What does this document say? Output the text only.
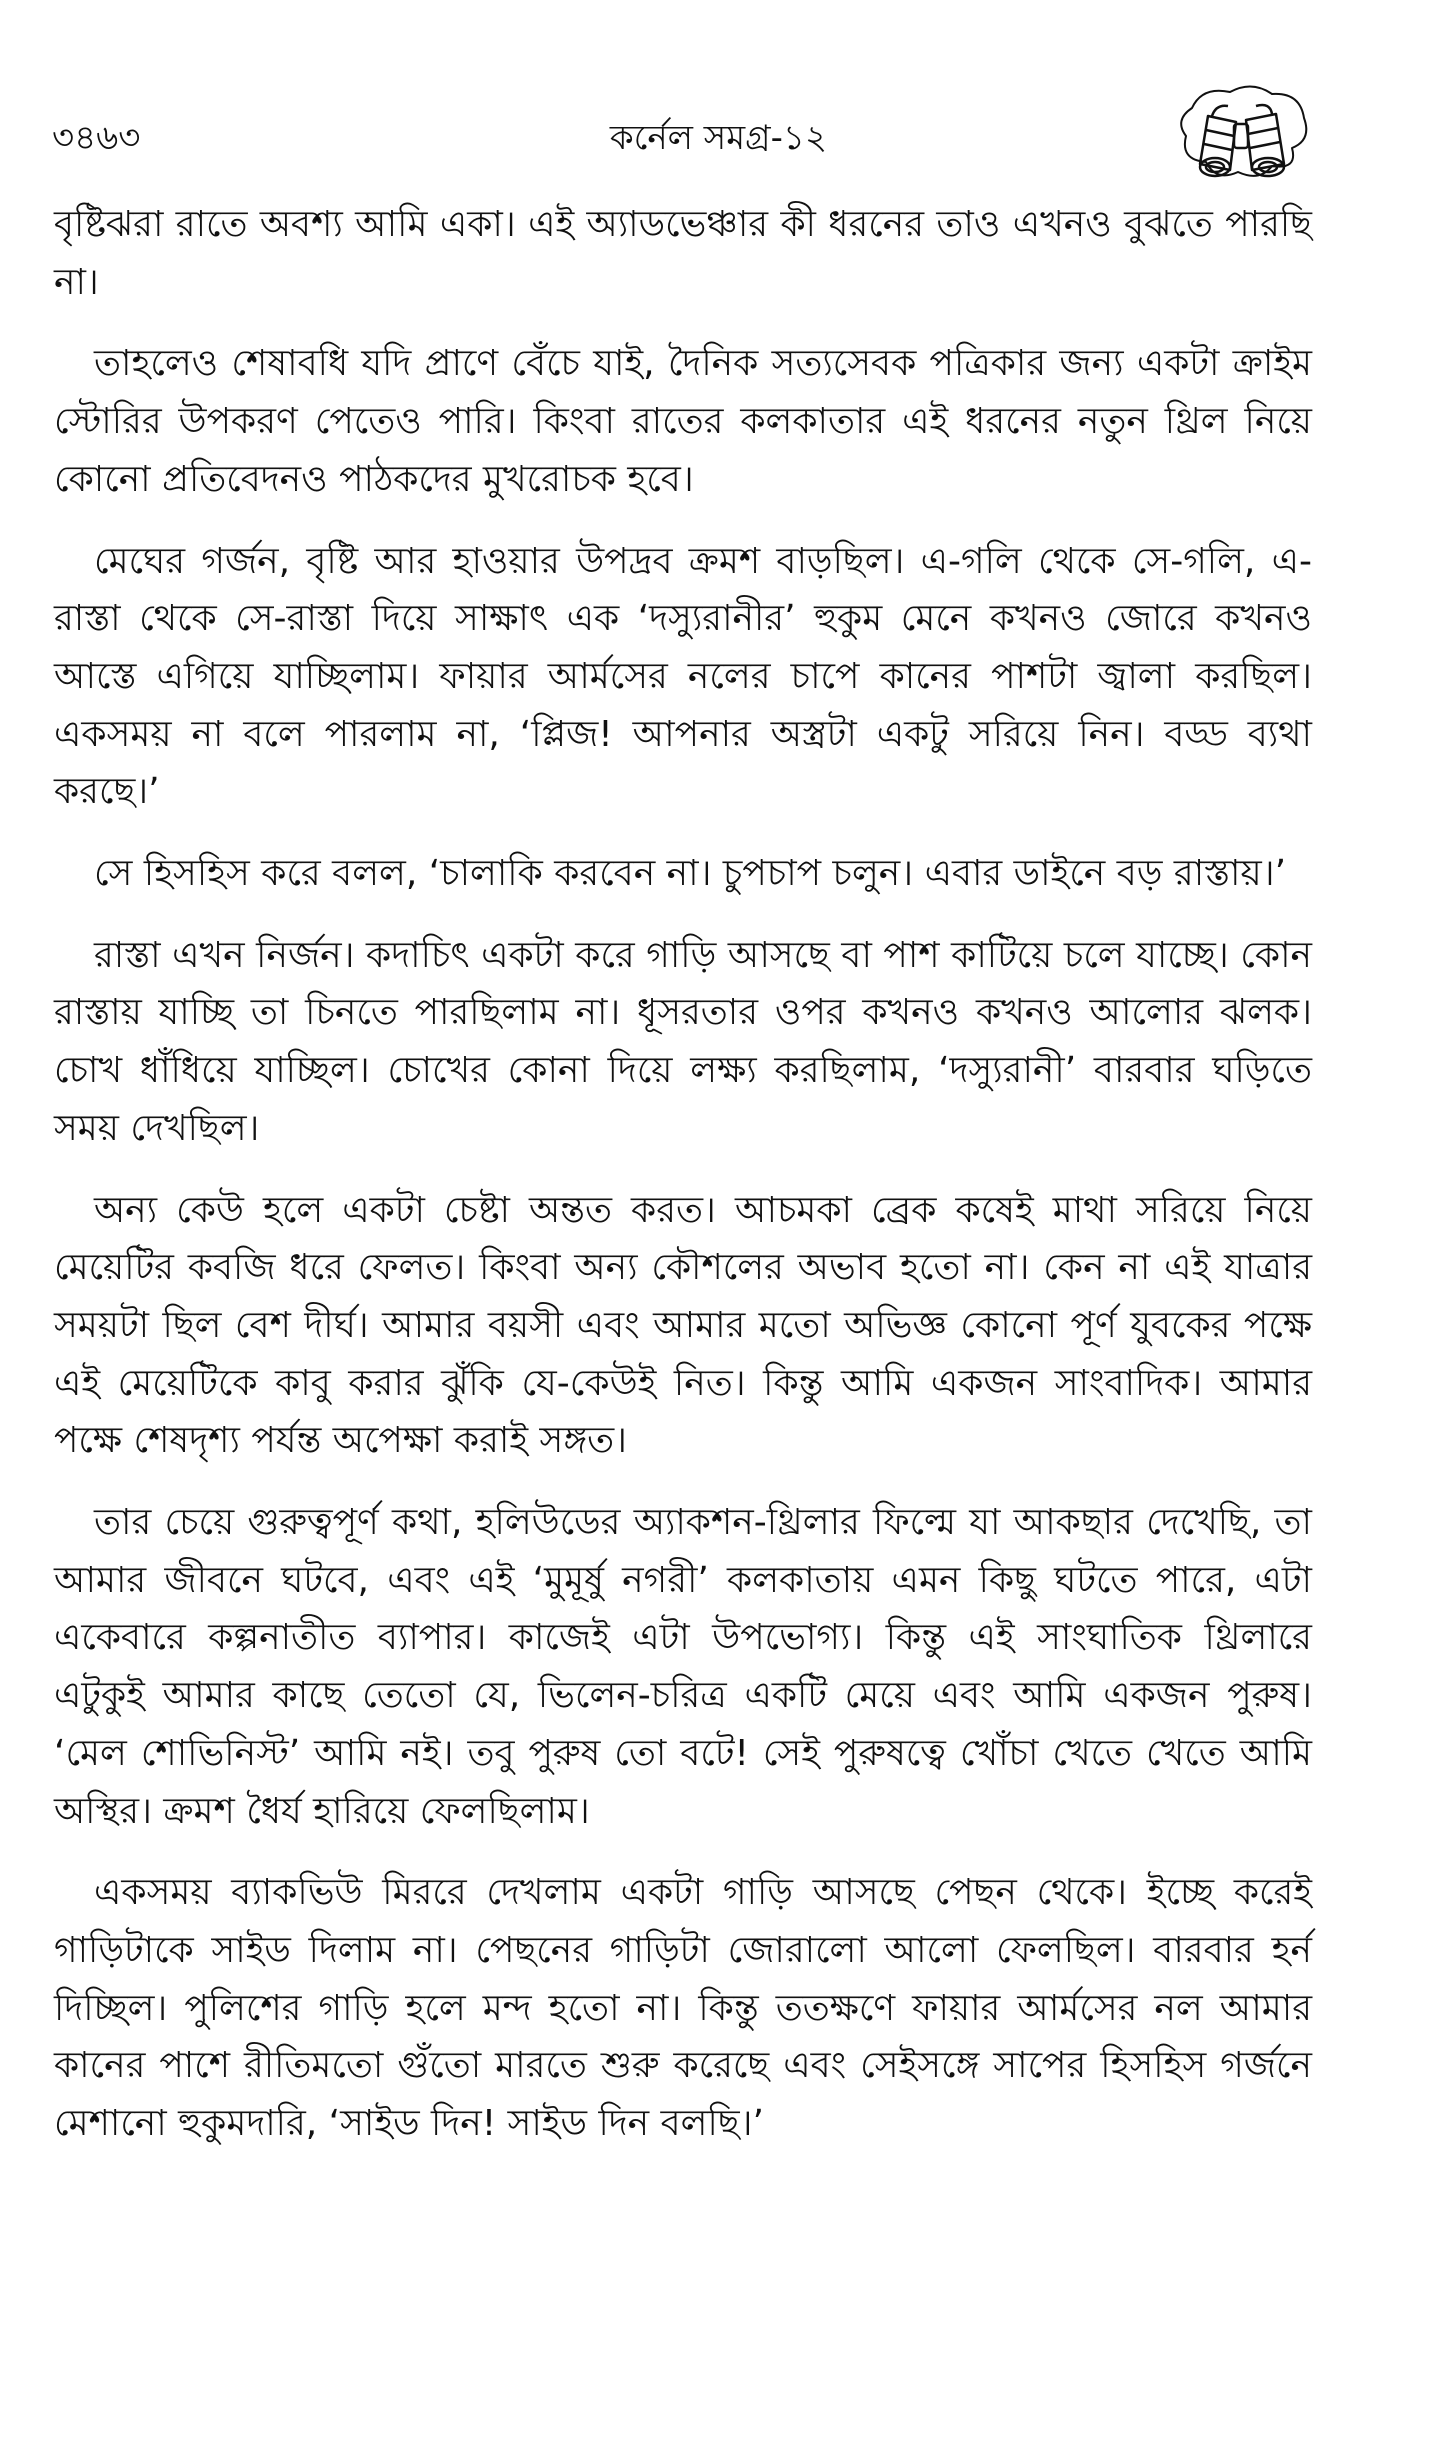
৩৪৬৩	কর্নেল সমগ্র-১২

বৃষ্টিঝরা রাতে অবশ্য আমি একা। এই অ্যাডভেঞ্চার কী ধরনের তাও এখনও বুঝতে পারছি না।

তাহলেও শেষাবধি যদি প্রাণে বেঁচে যাই, দৈনিক সত্যসেবক পত্রিকার জন্য একটা ক্রাইম স্টোরির উপকরণ পেতেও পারি। কিংবা রাতের কলকাতার এই ধরনের নতুন থ্রিল নিয়ে কোনো প্রতিবেদনও পাঠকদের মুখরোচক হবে।

মেঘের গর্জন, বৃষ্টি আর হাওয়ার উপদ্রব ক্রমশ বাড়ছিল। এ-গলি থেকে সে-গলি, এ-রাস্তা থেকে সে-রাস্তা দিয়ে সাক্ষাৎ এক ‘দস্যুরানীর’ হুকুম মেনে কখনও জোরে কখনও আস্তে এগিয়ে যাচ্ছিলাম। ফায়ার আর্মসের নলের চাপে কানের পাশটা জ্বালা করছিল। একসময় না বলে পারলাম না, ‘প্লিজ! আপনার অস্ত্রটা একটু সরিয়ে নিন। বড্ড ব্যথা করছে।’

সে হিসহিস করে বলল, ‘চালাকি করবেন না। চুপচাপ চলুন। এবার ডাইনে বড় রাস্তায়।’

রাস্তা এখন নির্জন। কদাচিৎ একটা করে গাড়ি আসছে বা পাশ কাটিয়ে চলে যাচ্ছে। কোন রাস্তায় যাচ্ছি তা চিনতে পারছিলাম না। ধূসরতার ওপর কখনও কখনও আলোর ঝলক। চোখ ধাঁধিয়ে যাচ্ছিল। চোখের কোনা দিয়ে লক্ষ্য করছিলাম, ‘দস্যুরানী’ বারবার ঘড়িতে সময় দেখছিল।

অন্য কেউ হলে একটা চেষ্টা অন্তত করত। আচমকা ব্রেক কষেই মাথা সরিয়ে নিয়ে মেয়েটির কবজি ধরে ফেলত। কিংবা অন্য কৌশলের অভাব হতো না। কেন না এই যাত্রার সময়টা ছিল বেশ দীর্ঘ। আমার বয়সী এবং আমার মতো অভিজ্ঞ কোনো পূর্ণ যুবকের পক্ষে এই মেয়েটিকে কাবু করার ঝুঁকি যে-কেউই নিত। কিন্তু আমি একজন সাংবাদিক। আমার পক্ষে শেষদৃশ্য পর্যন্ত অপেক্ষা করাই সঙ্গত।

তার চেয়ে গুরুত্বপূর্ণ কথা, হলিউডের অ্যাকশন-থ্রিলার ফিল্মে যা আকছার দেখেছি, তা আমার জীবনে ঘটবে, এবং এই ‘মুমূর্ষু নগরী’ কলকাতায় এমন কিছু ঘটতে পারে, এটা একেবারে কল্পনাতীত ব্যাপার। কাজেই এটা উপভোগ্য। কিন্তু এই সাংঘাতিক থ্রিলারে এটুকুই আমার কাছে তেতো যে, ভিলেন-চরিত্র একটি মেয়ে এবং আমি একজন পুরুষ। ‘মেল শোভিনিস্ট’ আমি নই। তবু পুরুষ তো বটে! সেই পুরুষত্বে খোঁচা খেতে খেতে আমি অস্থির। ক্রমশ ধৈর্য হারিয়ে ফেলছিলাম।

একসময় ব্যাকভিউ মিররে দেখলাম একটা গাড়ি আসছে পেছন থেকে। ইচ্ছে করেই গাড়িটাকে সাইড দিলাম না। পেছনের গাড়িটা জোরালো আলো ফেলছিল। বারবার হর্ন দিচ্ছিল। পুলিশের গাড়ি হলে মন্দ হতো না। কিন্তু ততক্ষণে ফায়ার আর্মসের নল আমার কানের পাশে রীতিমতো গুঁতো মারতে শুরু করেছে এবং সেইসঙ্গে সাপের হিসহিস গর্জনে মেশানো হুকুমদারি, ‘সাইড দিন! সাইড দিন বলছি।’
